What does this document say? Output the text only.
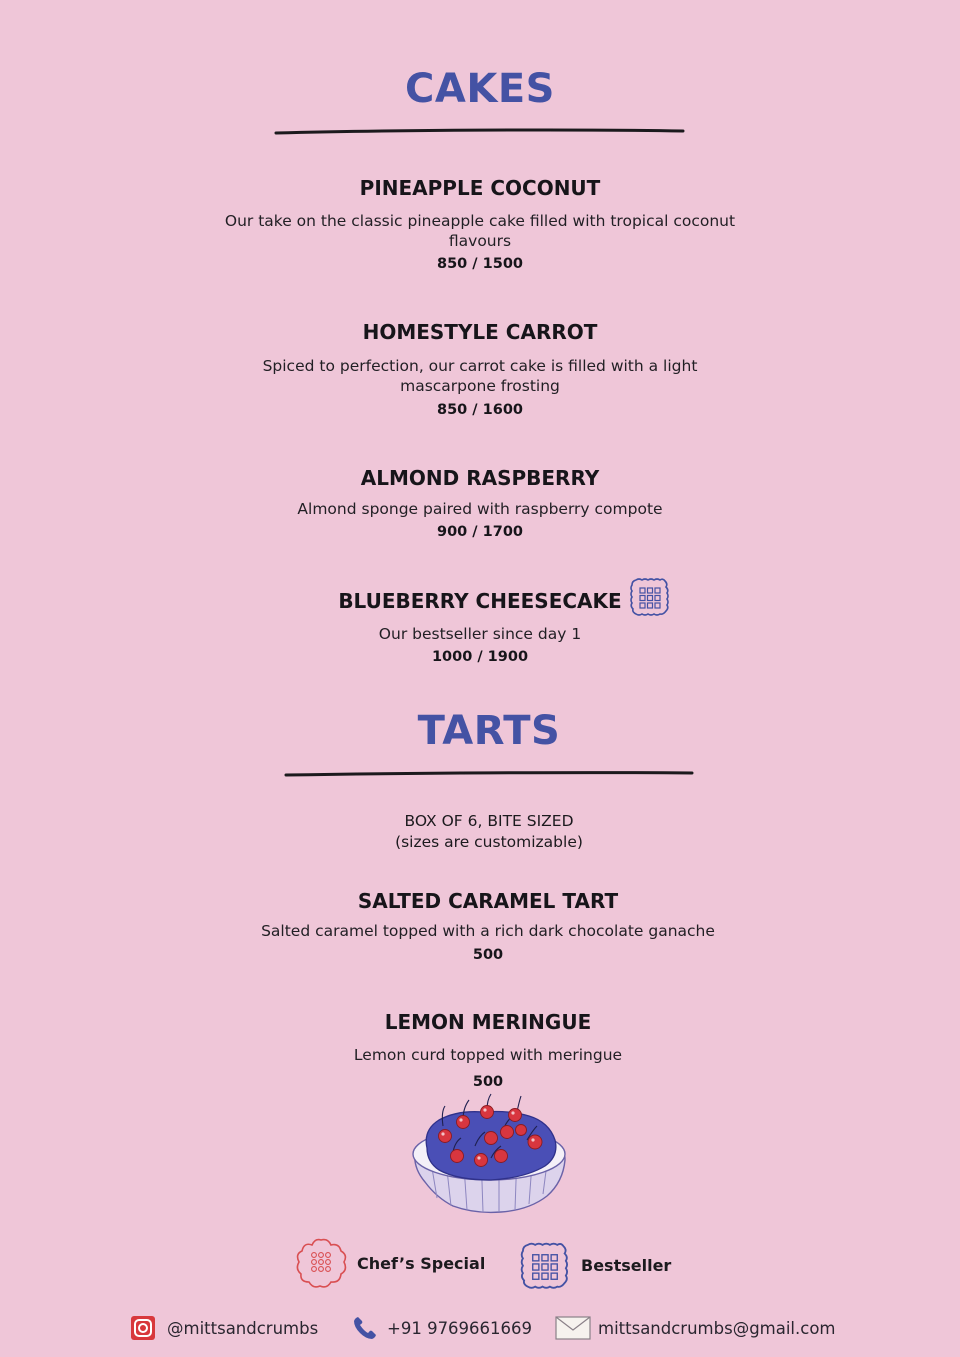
CAKES
PINEAPPLE COCONUT
Our take on the classic pineapple cake filled with tropical coconut
flavours
850 / 1500
HOMESTYLE CARROT
Spiced to perfection, our carrot cake is filled with a light
mascarpone frosting
850 / 1600
ALMOND RASPBERRY
Almond sponge paired with raspberry compote
900 / 1700
BLUEBERRY CHEESECAKE
Our bestseller since day 1
1000 / 1900
TARTS
BOX OF 6, BITE SIZED
(sizes are customizable)
SALTED CARAMEL TART
Salted caramel topped with a rich dark chocolate ganache
500
LEMON MERINGUE
Lemon curd topped with meringue
500
Chef’s Special	Bestseller
@mittsandcrumbs	+91 9769661669	mittsandcrumbs@gmail.com
